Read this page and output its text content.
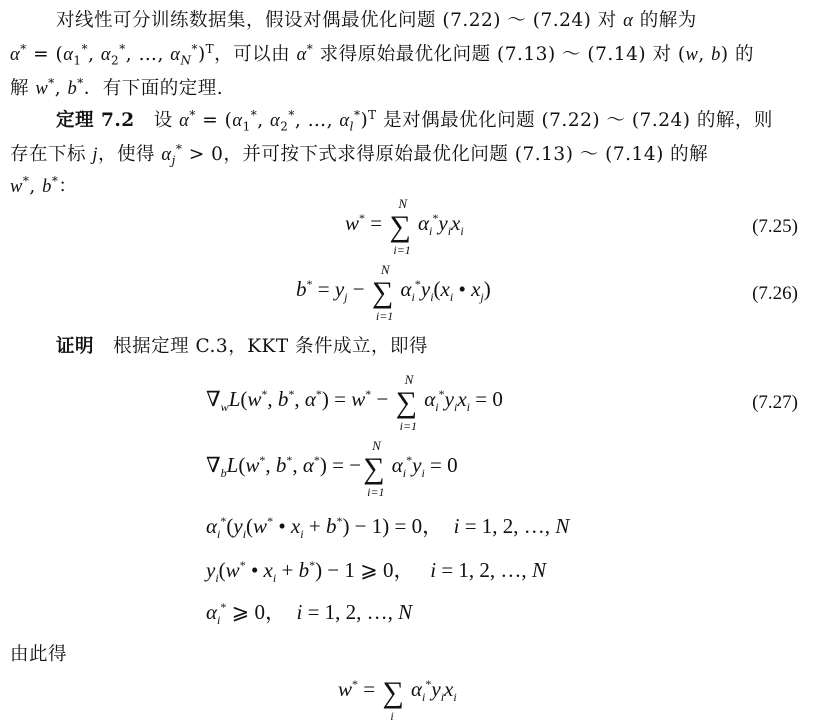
对线性可分训练数据集，假设对偶最优化问题 (7.22) ～ (7.24) 对 α 的解为
$\alpha^* = (\alpha_1^*$, $\alpha_2^*$, …, $\alpha_N^*)^T$，可以由 α* 求得原始最优化问题 (7.13) ～ (7.14) 对 (w, b) 的
解 w*, b*．有下面的定理.
定理 7.2   设 $\alpha^* = (\alpha_1^*$, $\alpha_2^*$, …, $\alpha_l^*)^T$ 是对偶最优化问题 (7.22) ～ (7.24) 的解，则
存在下标 j，使得 $\alpha_j^* > 0$，并可按下式求得原始最优化问题 (7.13) ～ (7.14) 的解
w*, b*：
w* = ∑
N
i=1
$\alpha_i^*y_ix_i$	(7.25)
$b^* = y_j$ − ∑
N
i=1
$\alpha_i^*y_i(x_i$ • $x_j$)	(7.26)
证明 根据定理 C.3，KKT 条件成立，即得
$\nabla_wL(w^*$, b*, α*) = w* − ∑
N
i=1
$\alpha_i^*y_ix_i = 0$	(7.27)
$\nabla_bL(w^*$, b*, α*) = −∑
N
i=1
$\alpha_i^*y_i = 0$
$\alpha_i^*(y_i(w^*$ • $x_i + b^*) - 1) = 0$，  i = 1, 2, …, N
$y_i(w^*$ • $x_i + b^*) - 1$ ⩾ 0，   i = 1, 2, …, N
$\alpha_i^*$ ⩾ 0，  i = 1, 2, …, N
由此得
w* = ∑
i
$\alpha_i^*y_ix_i$
